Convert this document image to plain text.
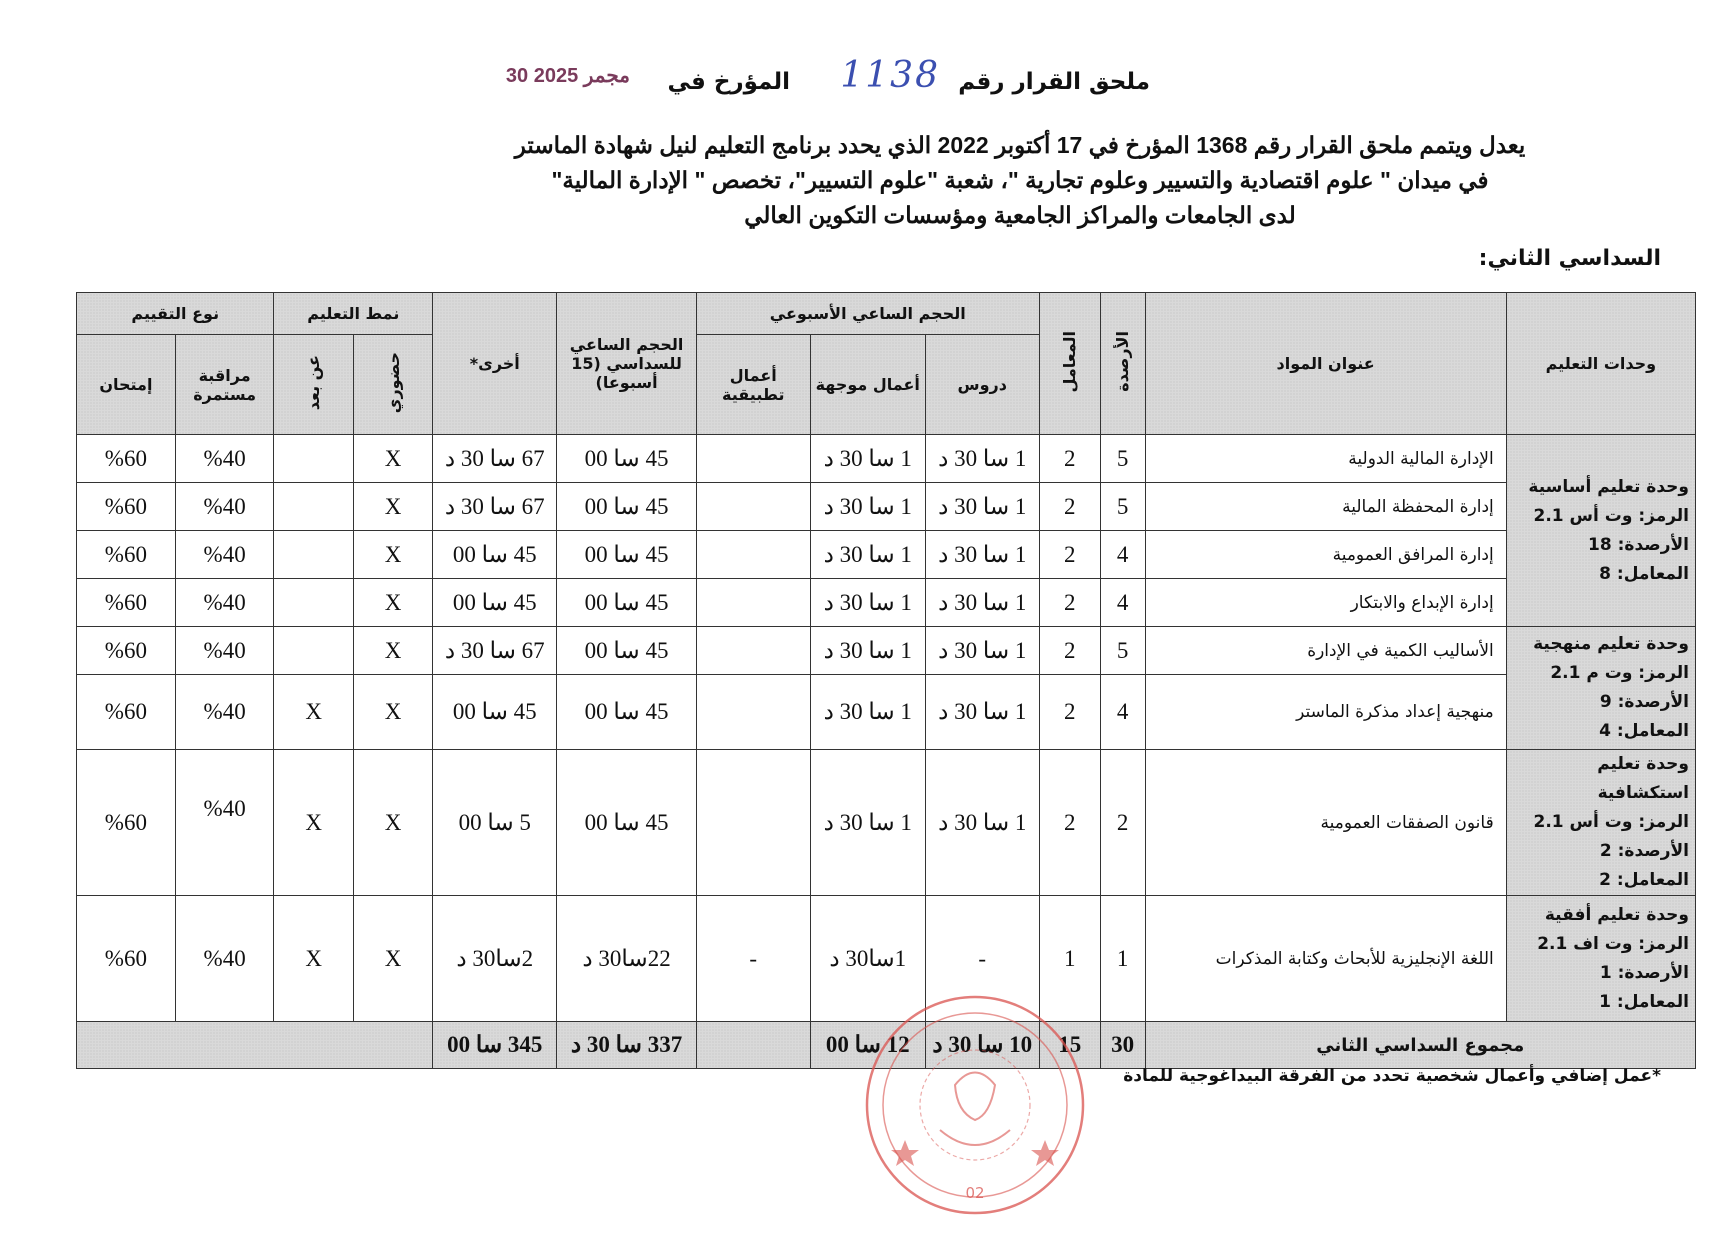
ملحق القرار رقم
1138
المؤرخ في
30 مجمر 2025
يعدل ويتمم ملحق القرار رقم 1368 المؤرخ في 17 أكتوبر 2022 الذي يحدد برنامج التعليم لنيل شهادة الماستر
في ميدان " علوم اقتصادية والتسيير وعلوم تجارية "، شعبة "علوم التسيير"، تخصص " الإدارة المالية"
لدى الجامعات والمراكز الجامعية ومؤسسات التكوين العالي
السداسي الثاني:
وحدات التعليم	عنوان المواد	الأرصدة	المعامل	الحجم الساعي الأسبوعي			الحجم الساعي للسداسي (15 أسبوعا)	أخرى*	نمط التعليم		نوع التقييم	
				دروس	أعمال موجهة	أعمال تطبيقية			حضوري	عن بعد	مراقبة مستمرة	إمتحان

وحدة تعليم أساسية
الرمز: وت أس 2.1
الأرصدة: 18
المعامل: 8	الإدارة المالية الدولية	5	2	1 سا 30 د	1 سا 30 د		45 سا 00	67 سا 30 د	X		%40	%60
	إدارة المحفظة المالية	5	2	1 سا 30 د	1 سا 30 د		45 سا 00	67 سا 30 د	X		%40	%60
	إدارة المرافق العمومية	4	2	1 سا 30 د	1 سا 30 د		45 سا 00	45 سا 00	X		%40	%60
	إدارة الإبداع والابتكار	4	2	1 سا 30 د	1 سا 30 د		45 سا 00	45 سا 00	X		%40	%60

وحدة تعليم منهجية
الرمز: وت م 2.1
الأرصدة: 9
المعامل: 4	الأساليب الكمية في الإدارة	5	2	1 سا 30 د	1 سا 30 د		45 سا 00	67 سا 30 د	X		%40	%60
	منهجية إعداد مذكرة الماستر	4	2	1 سا 30 د	1 سا 30 د		45 سا 00	45 سا 00	X	X	%40	%60

وحدة تعليم استكشافية
الرمز: وت أس 2.1
الأرصدة: 2
المعامل: 2	قانون الصفقات العمومية	2	2	1 سا 30 د	1 سا 30 د		45 سا 00	5 سا 00	X	X	%40	%60

وحدة تعليم أفقية
الرمز: وت اف 2.1
الأرصدة: 1
المعامل: 1	اللغة الإنجليزية للأبحاث وكتابة المذكرات	1	1	-	1سا30 د	-	22سا30 د	2سا30 د	X	X	%40	%60
مجموع السداسي الثاني		30	15	10 سا 30 د	12 سا 00		337 سا 30 د	345 سا 00				
*عمل إضافي وأعمال شخصية تحدد من الفرقة البيداغوجية للمادة
02
